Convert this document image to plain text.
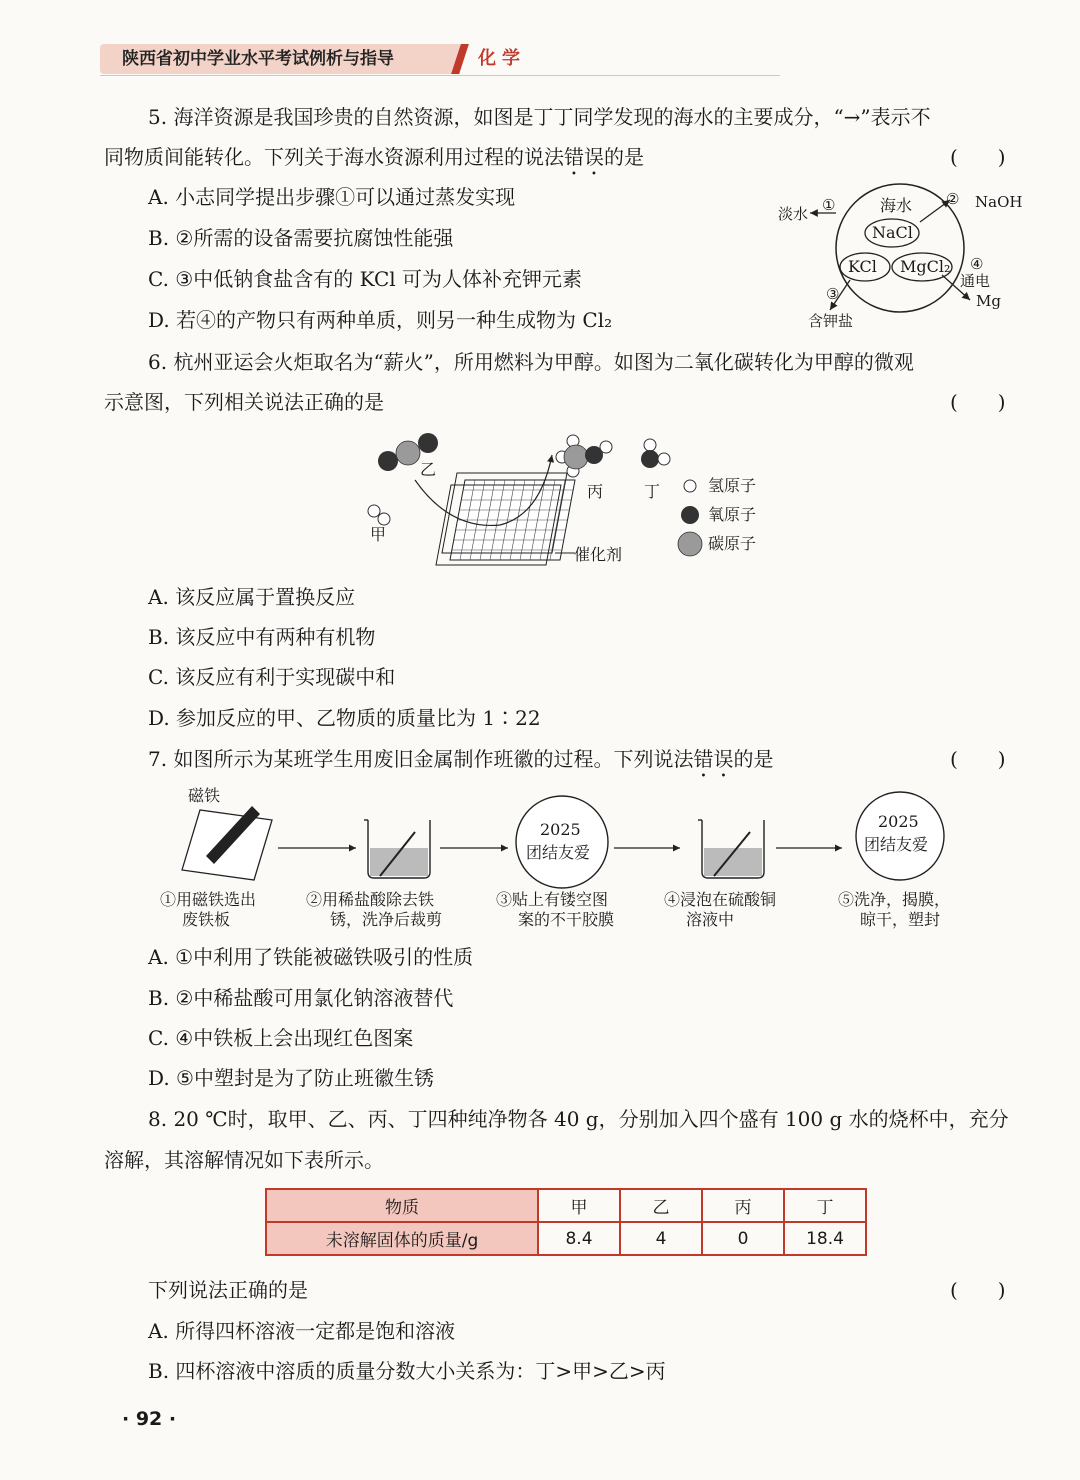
陕西省初中学业水平考试例析与指导	化学
5. 海洋资源是我国珍贵的自然资源，如图是丁丁同学发现的海水的主要成分，“→”表示不
同物质间能转化。下列关于海水资源利用过程的说法错误的是	(　　)
A. 小志同学提出步骤①可以通过蒸发实现
B. ②所需的设备需要抗腐蚀性能强
C. ③中低钠食盐含有的 KCl 可为人体补充钾元素
D. 若④的产物只有两种单质，则另一种生成物为 Cl₂
海水
NaCl
KCl MgCl₂
淡水 ①	② NaOH
④
通电
Mg
③
含钾盐
6. 杭州亚运会火炬取名为“薪火”，所用燃料为甲醇。如图为二氧化碳转化为甲醇的微观
示意图，下列相关说法正确的是	(　　)
乙
甲
丙	丁
催化剂
氢原子
氧原子
碳原子
A. 该反应属于置换反应
B. 该反应中有两种有机物
C. 该反应有利于实现碳中和
D. 参加反应的甲、乙物质的质量比为 1∶22
7. 如图所示为某班学生用废旧金属制作班徽的过程。下列说法错误的是	(　　)
磁铁
2025
团结友爱
2025
团结友爱
①用磁铁选出
废铁板
②用稀盐酸除去铁
锈，洗净后裁剪
③贴上有镂空图
案的不干胶膜
④浸泡在硫酸铜
溶液中
⑤洗净，揭膜，
晾干，塑封
A. ①中利用了铁能被磁铁吸引的性质
B. ②中稀盐酸可用氯化钠溶液替代
C. ④中铁板上会出现红色图案
D. ⑤中塑封是为了防止班徽生锈
8. 20 ℃时，取甲、乙、丙、丁四种纯净物各 40 g，分别加入四个盛有 100 g 水的烧杯中，充分
溶解，其溶解情况如下表所示。
物质	甲	乙	丙	丁
未溶解固体的质量/g	8.4	4	0	18.4
下列说法正确的是	(　　)
A. 所得四杯溶液一定都是饱和溶液
B. 四杯溶液中溶质的质量分数大小关系为：丁>甲>乙>丙
· 92 ·
